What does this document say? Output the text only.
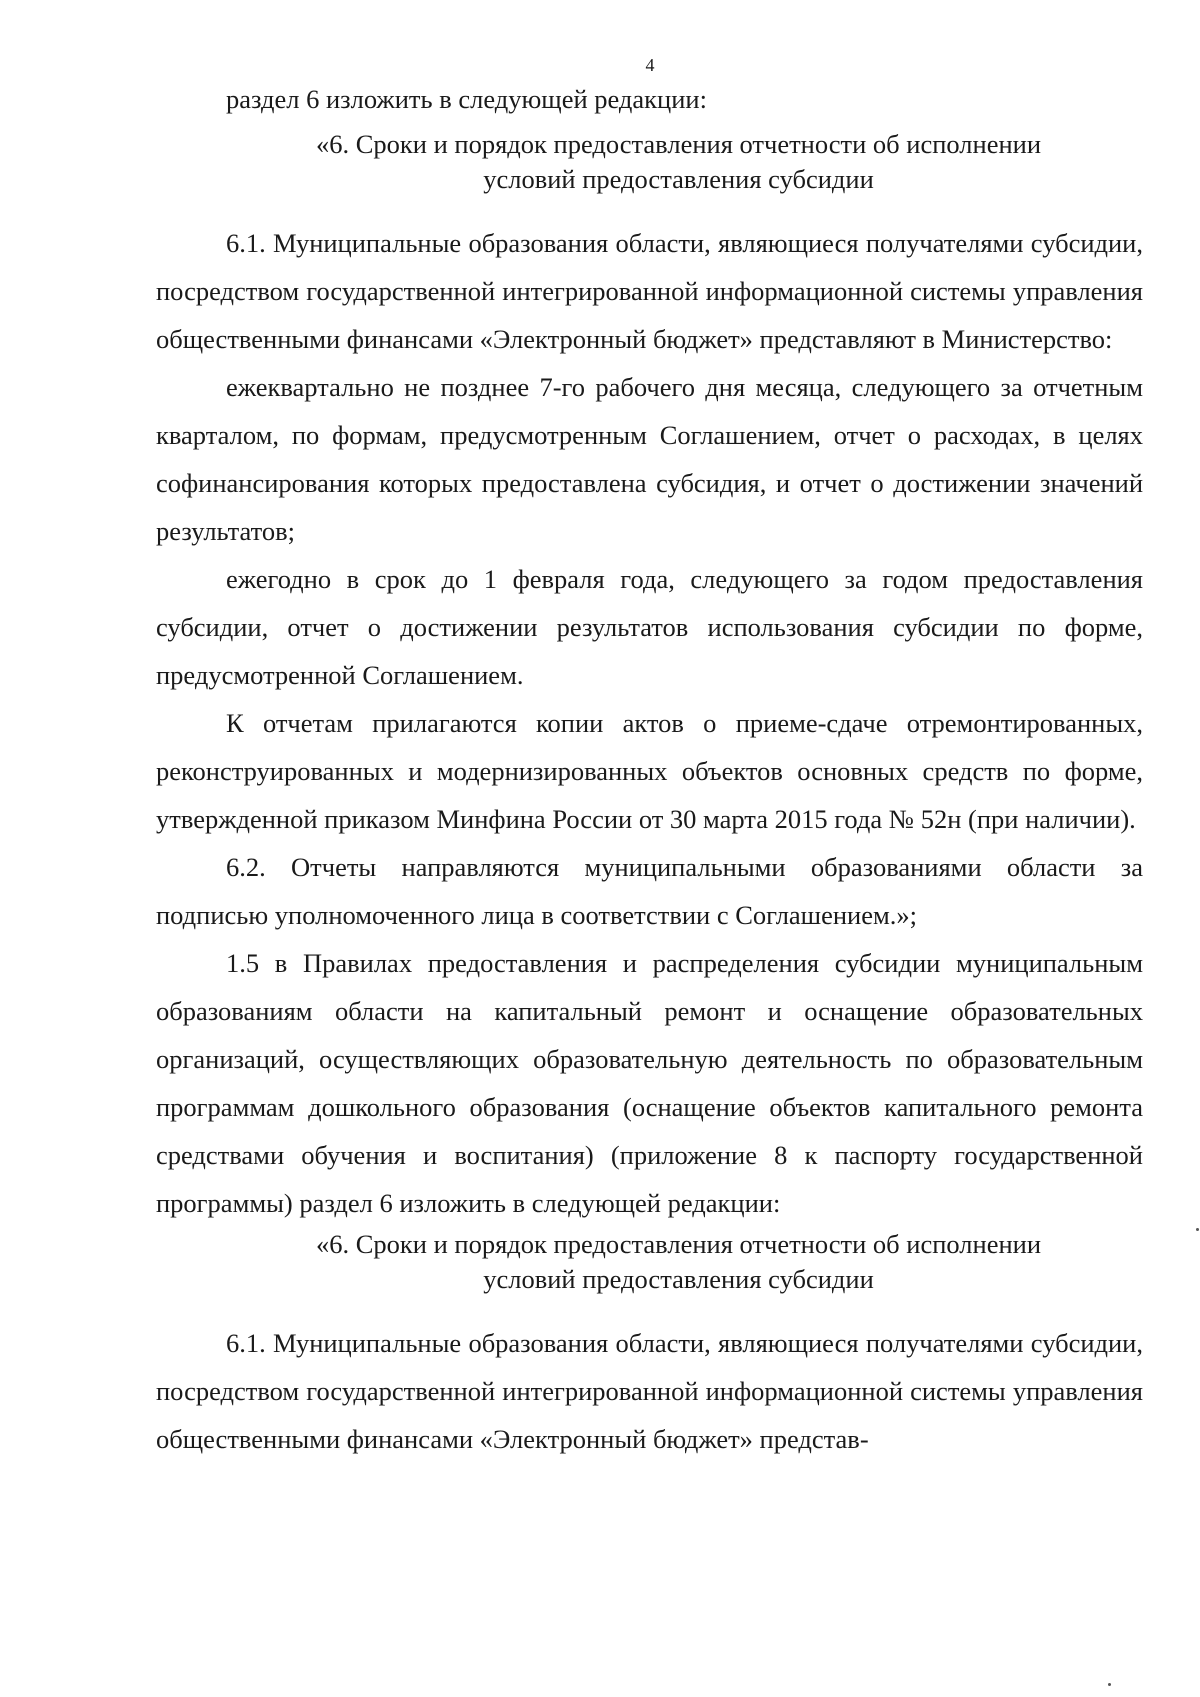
4

раздел 6 изложить в следующей редакции:

«6. Сроки и порядок предоставления отчетности об исполнении
условий предоставления субсидии

6.1. Муниципальные образования области, являющиеся получателями субсидии, посредством государственной интегрированной информационной системы управления общественными финансами «Электронный бюджет» представляют в Министерство:

ежеквартально не позднее 7-го рабочего дня месяца, следующего за отчетным кварталом, по формам, предусмотренным Соглашением, отчет о расходах, в целях софинансирования которых предоставлена субсидия, и отчет о достижении значений результатов;

ежегодно в срок до 1 февраля года, следующего за годом предоставления субсидии, отчет о достижении результатов использования субсидии по форме, предусмотренной Соглашением.

К отчетам прилагаются копии актов о приеме-сдаче отремонтированных, реконструированных и модернизированных объектов основных средств по форме, утвержденной приказом Минфина России от 30 марта 2015 года № 52н (при наличии).

6.2. Отчеты направляются муниципальными образованиями области за подписью уполномоченного лица в соответствии с Соглашением.»;

1.5 в Правилах предоставления и распределения субсидии муниципальным образованиям области на капитальный ремонт и оснащение образовательных организаций, осуществляющих образовательную деятельность по образовательным программам дошкольного образования (оснащение объектов капитального ремонта средствами обучения и воспитания) (приложение 8 к паспорту государственной программы) раздел 6 изложить в следующей редакции:

«6. Сроки и порядок предоставления отчетности об исполнении
условий предоставления субсидии

6.1. Муниципальные образования области, являющиеся получателями субсидии, посредством государственной интегрированной информационной системы управления общественными финансами «Электронный бюджет» представ-
